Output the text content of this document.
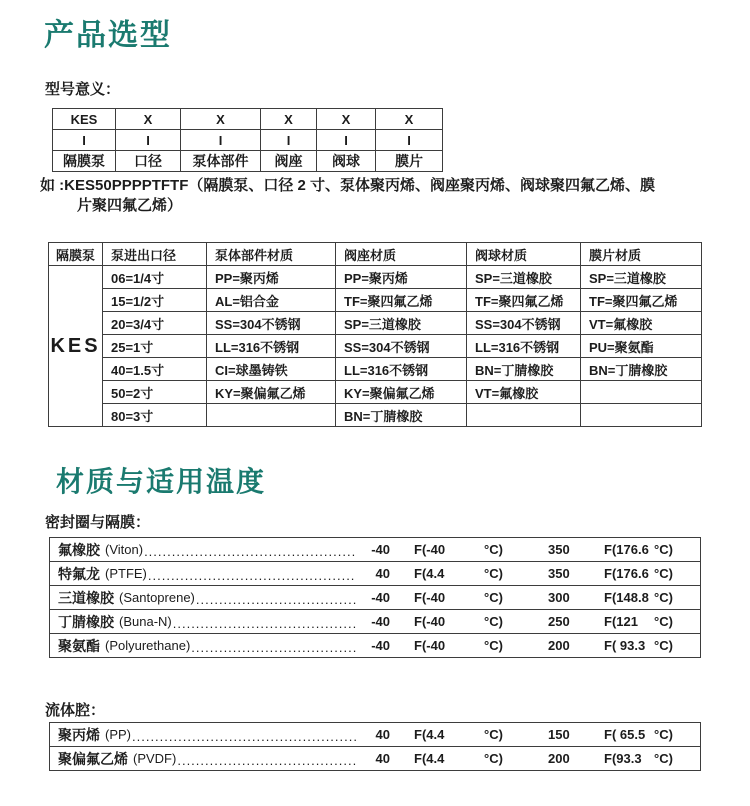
产品选型
型号意义：
KES	X	X	X	X	X
I	I	I	I	I	I
隔膜泵	口径	泵体部件	阀座	阀球	膜片
如 :KES50PPPPTFTF（隔膜泵、口径 2 寸、泵体聚丙烯、阀座聚丙烯、阀球聚四氟乙烯、膜
片聚四氟乙烯）
隔膜泵	泵进出口径	泵体部件材质	阀座材质	阀球材质	膜片材质
KES	06=1/4寸	PP=聚丙烯	PP=聚丙烯	SP=三道橡胶	SP=三道橡胶
	15=1/2寸	AL=铝合金	TF=聚四氟乙烯	TF=聚四氟乙烯	TF=聚四氟乙烯
	20=3/4寸	SS=304不锈钢	SP=三道橡胶	SS=304不锈钢	VT=氟橡胶
	25=1寸	LL=316不锈钢	SS=304不锈钢	LL=316不锈钢	PU=聚氨酯
	40=1.5寸	CI=球墨铸铁	LL=316不锈钢	BN=丁腈橡胶	BN=丁腈橡胶
	50=2寸	KY=聚偏氟乙烯	KY=聚偏氟乙烯	VT=氟橡胶	
	80=3寸		BN=丁腈橡胶		
材质与适用温度
密封圈与隔膜：
氟橡胶 (Viton) .....	-40 F(-40	°C)	350	F(176.6 °C)
特氟龙 (PTFE) .....	40 F(4.4	°C)	350	F(176.6 °C)
三道橡胶 (Santoprene) .....	-40 F(-40	°C)	300	F(148.8 °C)
丁腈橡胶 (Buna-N) .....	-40 F(-40	°C)	250	F(121	°C)
聚氨酯 (Polyurethane) .....	-40 F(-40	°C)	200	F( 93.3 °C)
流体腔：
聚丙烯 (PP) .....	40 F(4.4	°C)	150	F( 65.5 °C)
聚偏氟乙烯 (PVDF) .....	40 F(4.4	°C)	200	F(93.3 °C)
